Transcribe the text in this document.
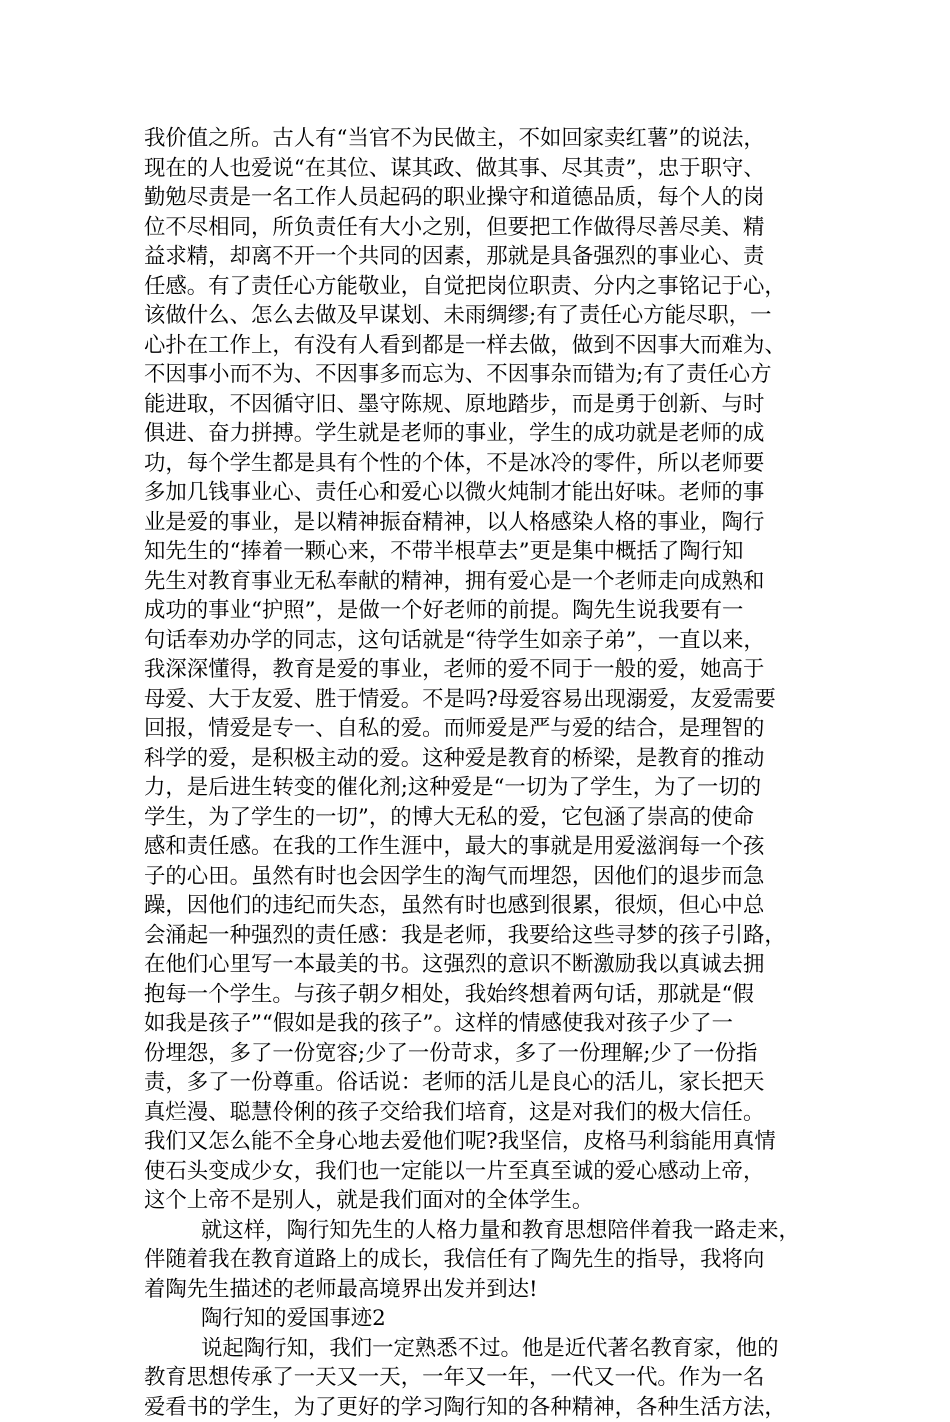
我价值之所。古人有“当官不为民做主，不如回家卖红薯”的说法，
现在的人也爱说“在其位、谋其政、做其事、尽其责”，忠于职守、
勤勉尽责是一名工作人员起码的职业操守和道德品质，每个人的岗
位不尽相同，所负责任有大小之别，但要把工作做得尽善尽美、精
益求精，却离不开一个共同的因素，那就是具备强烈的事业心、责
任感。有了责任心方能敬业，自觉把岗位职责、分内之事铭记于心，
该做什么、怎么去做及早谋划、未雨绸缪;有了责任心方能尽职，一
心扑在工作上，有没有人看到都是一样去做，做到不因事大而难为、
不因事小而不为、不因事多而忘为、不因事杂而错为;有了责任心方
能进取，不因循守旧、墨守陈规、原地踏步，而是勇于创新、与时
俱进、奋力拼搏。学生就是老师的事业，学生的成功就是老师的成
功，每个学生都是具有个性的个体，不是冰冷的零件，所以老师要
多加几钱事业心、责任心和爱心以微火炖制才能出好味。老师的事
业是爱的事业，是以精神振奋精神，以人格感染人格的事业，陶行
知先生的“捧着一颗心来，不带半根草去”更是集中概括了陶行知
先生对教育事业无私奉献的精神，拥有爱心是一个老师走向成熟和
成功的事业“护照”，是做一个好老师的前提。陶先生说我要有一
句话奉劝办学的同志，这句话就是“待学生如亲子弟”，一直以来，
我深深懂得，教育是爱的事业，老师的爱不同于一般的爱，她高于
母爱、大于友爱、胜于情爱。不是吗?母爱容易出现溺爱，友爱需要
回报，情爱是专一、自私的爱。而师爱是严与爱的结合，是理智的
科学的爱，是积极主动的爱。这种爱是教育的桥梁，是教育的推动
力，是后进生转变的催化剂;这种爱是“一切为了学生，为了一切的
学生，为了学生的一切”，的博大无私的爱，它包涵了崇高的使命
感和责任感。在我的工作生涯中，最大的事就是用爱滋润每一个孩
子的心田。虽然有时也会因学生的淘气而埋怨，因他们的退步而急
躁，因他们的违纪而失态，虽然有时也感到很累，很烦，但心中总
会涌起一种强烈的责任感：我是老师，我要给这些寻梦的孩子引路，
在他们心里写一本最美的书。这强烈的意识不断激励我以真诚去拥
抱每一个学生。与孩子朝夕相处，我始终想着两句话，那就是“假
如我是孩子”“假如是我的孩子”。这样的情感使我对孩子少了一
份埋怨，多了一份宽容;少了一份苛求，多了一份理解;少了一份指
责，多了一份尊重。俗话说：老师的活儿是良心的活儿，家长把天
真烂漫、聪慧伶俐的孩子交给我们培育，这是对我们的极大信任。
我们又怎么能不全身心地去爱他们呢?我坚信，皮格马利翁能用真情
使石头变成少女，我们也一定能以一片至真至诚的爱心感动上帝，
这个上帝不是别人，就是我们面对的全体学生。
就这样，陶行知先生的人格力量和教育思想陪伴着我一路走来，
伴随着我在教育道路上的成长，我信任有了陶先生的指导，我将向
着陶先生描述的老师最高境界出发并到达!
陶行知的爱国事迹2
说起陶行知，我们一定熟悉不过。他是近代著名教育家，他的
教育思想传承了一天又一天，一年又一年，一代又一代。作为一名
爱看书的学生，为了更好的学习陶行知的各种精神，各种生活方法，
